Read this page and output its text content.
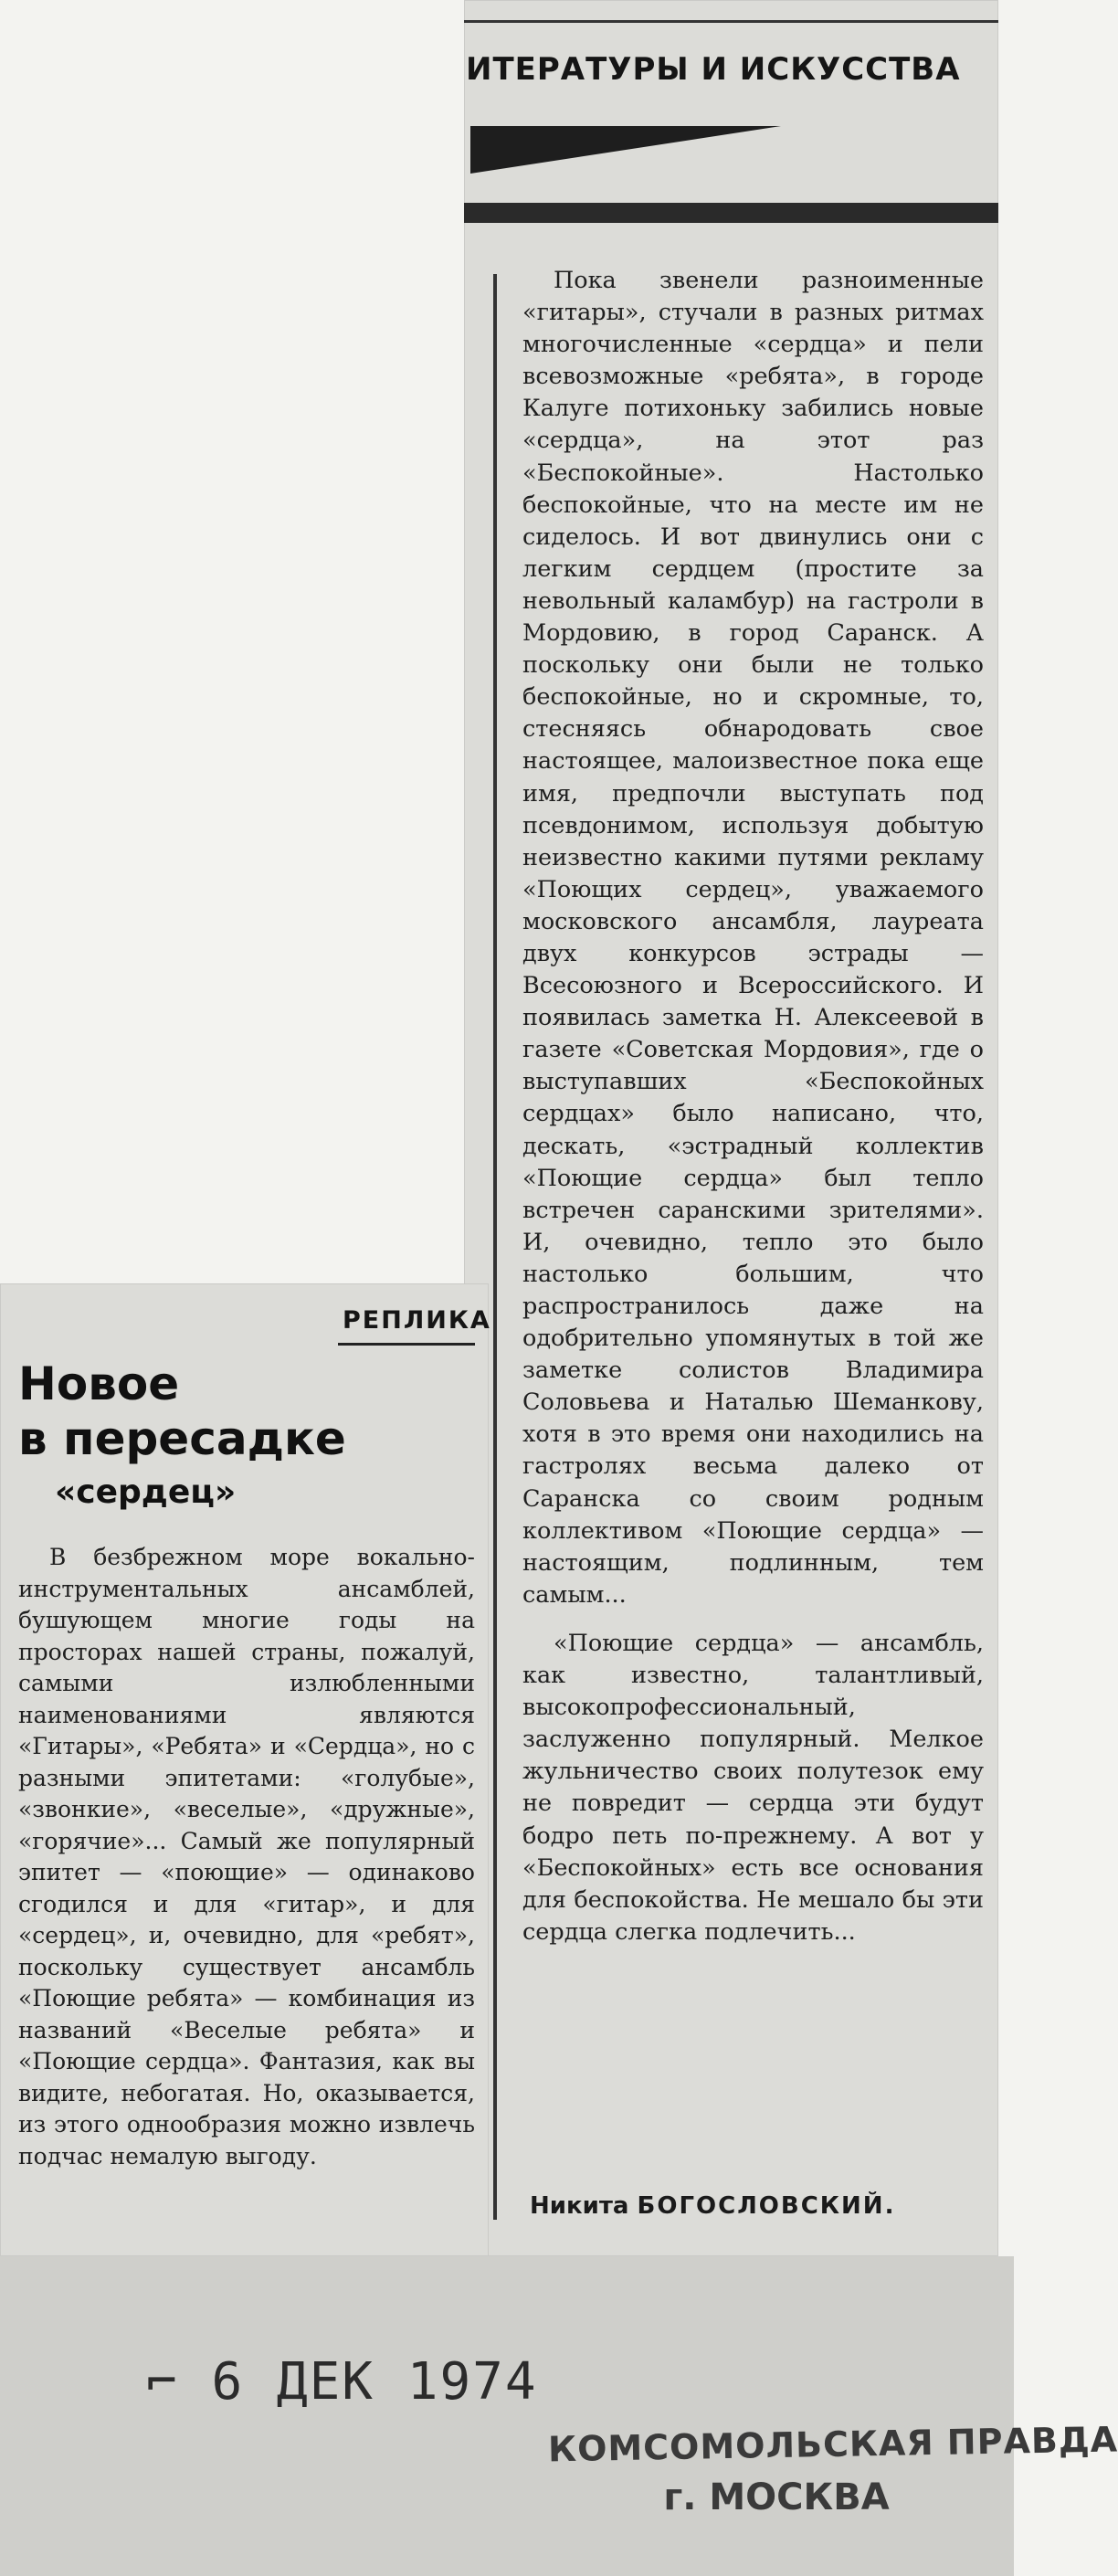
ИТЕРАТУРЫ И ИСКУССТВА

Пока звенели разноименные «гитары», стучали в разных ритмах многочисленные «сердца» и пели всевозможные «ребята», в городе Калуге потихоньку забились новые «сердца», на этот раз «Беспокойные». Настолько беспокойные, что на месте им не сиделось. И вот двинулись они с легким сердцем (простите за невольный каламбур) на гастроли в Мордовию, в город Саранск. А поскольку они были не только беспокойные, но и скромные, то, стесняясь обнародовать свое настоящее, малоизвестное пока еще имя, предпочли выступать под псевдонимом, используя добытую неизвестно какими путями рекламу «Поющих сердец», уважаемого московского ансамбля, лауреата двух конкурсов эстрады — Всесоюзного и Всероссийского. И появилась заметка Н. Алексеевой в газете «Советская Мордовия», где о выступавших «Беспокойных сердцах» было написано, что, дескать, «эстрадный коллектив «Поющие сердца» был тепло встречен саранскими зрителями». И, очевидно, тепло это было настолько большим, что распространилось даже на одобрительно упомянутых в той же заметке солистов Владимира Соловьева и Наталью Шеманкову, хотя в это время они находились на гастролях весьма далеко от Саранска со своим родным коллективом «Поющие сердца» — настоящим, подлинным, тем самым...

«Поющие сердца» — ансамбль, как известно, талантливый, высокопрофессиональный, заслуженно популярный. Мелкое жульничество своих полутезок ему не повредит — сердца эти будут бодро петь по-прежнему. А вот у «Беспокойных» есть все основания для беспокойства. Не мешало бы эти сердца слегка подлечить...

Никита БОГОСЛОВСКИЙ.
РЕПЛИКА
Новое
в пересадке
«сердец»

В безбрежном море вокально-инструментальных ансамблей, бушующем многие годы на просторах нашей страны, пожалуй, самыми излюбленными наименованиями являются «Гитары», «Ребята» и «Сердца», но с разными эпитетами: «голубые», «звонкие», «веселые», «дружные», «горячие»... Самый же популярный эпитет — «поющие» — одинаково сгодился и для «гитар», и для «сердец», и, очевидно, для «ребят», поскольку существует ансамбль «Поющие ребята» — комбинация из названий «Веселые ребята» и «Поющие сердца». Фантазия, как вы видите, небогатая. Но, оказывается, из этого однообразия можно извлечь подчас немалую выгоду.

⌐ 6 ДЕК 1974
КОМСОМОЛЬСКАЯ ПРАВДА
г. МОСКВА
